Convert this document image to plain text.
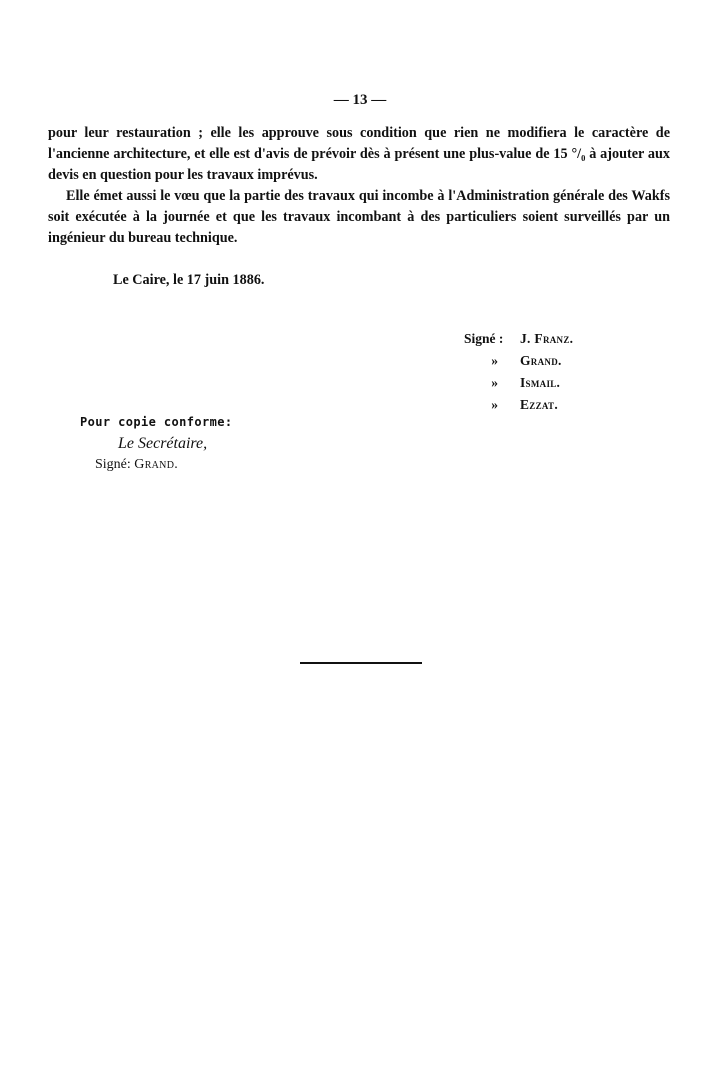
— 13 —

pour leur restauration ; elle les approuve sous condition que rien ne modifiera le caractère de l'ancienne architecture, et elle est d'avis de prévoir dès à présent une plus-value de 15 °/₀ à ajouter aux devis en question pour les travaux imprévus.

Elle émet aussi le vœu que la partie des travaux qui incombe à l'Administration générale des Wakfs soit exécutée à la journée et que les travaux incombant à des particuliers soient surveillés par un ingénieur du bureau technique.

Le Caire, le 17 juin 1886.
Signé :	J. Franz.
»	Grand.
»	Ismail.
»	Ezzat.
Pour copie conforme:
Le Secrétaire,
Signé: Grand.
